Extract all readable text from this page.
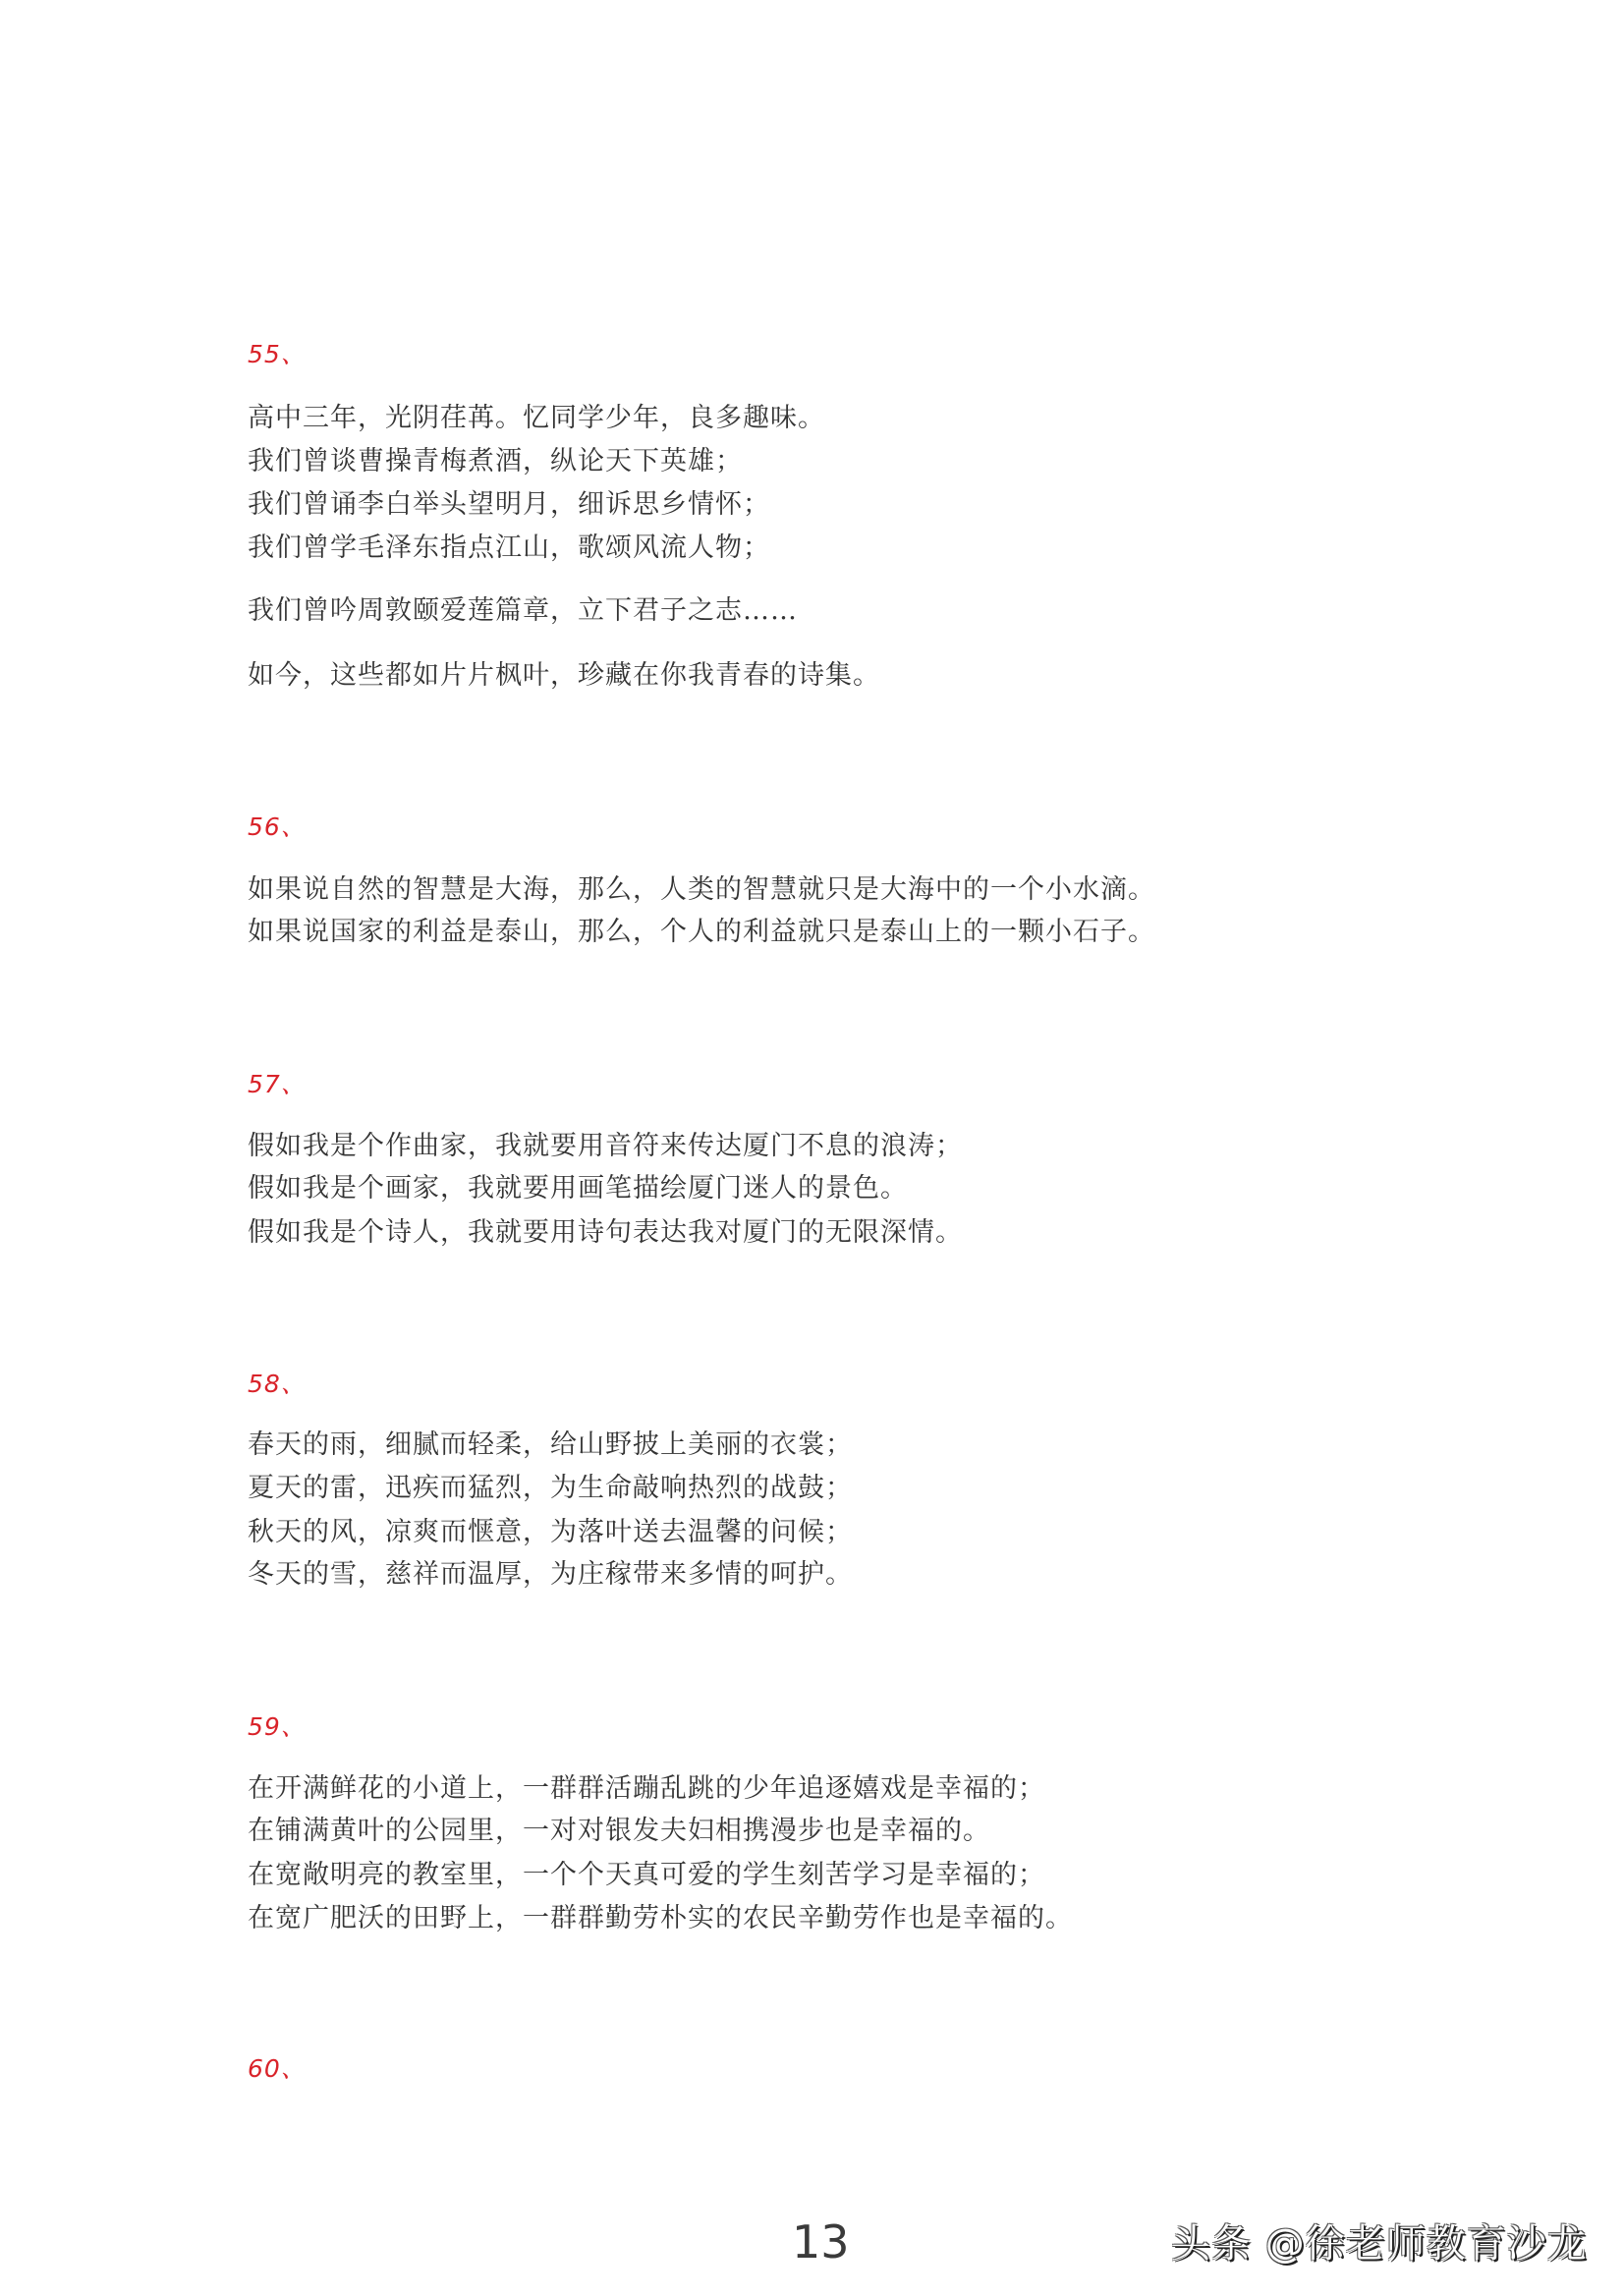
55、
高中三年，光阴荏苒。忆同学少年，良多趣味。
我们曾谈曹操青梅煮酒，纵论天下英雄；
我们曾诵李白举头望明月，细诉思乡情怀；
我们曾学毛泽东指点江山，歌颂风流人物；
我们曾吟周敦颐爱莲篇章，立下君子之志……
如今，这些都如片片枫叶，珍藏在你我青春的诗集。
56、
如果说自然的智慧是大海，那么，人类的智慧就只是大海中的一个小水滴。
如果说国家的利益是泰山，那么，个人的利益就只是泰山上的一颗小石子。
57、
假如我是个作曲家，我就要用音符来传达厦门不息的浪涛；
假如我是个画家，我就要用画笔描绘厦门迷人的景色。
假如我是个诗人，我就要用诗句表达我对厦门的无限深情。
58、
春天的雨，细腻而轻柔，给山野披上美丽的衣裳；
夏天的雷，迅疾而猛烈，为生命敲响热烈的战鼓；
秋天的风，凉爽而惬意，为落叶送去温馨的问候；
冬天的雪，慈祥而温厚，为庄稼带来多情的呵护。
59、
在开满鲜花的小道上，一群群活蹦乱跳的少年追逐嬉戏是幸福的；
在铺满黄叶的公园里，一对对银发夫妇相携漫步也是幸福的。
在宽敞明亮的教室里，一个个天真可爱的学生刻苦学习是幸福的；
在宽广肥沃的田野上，一群群勤劳朴实的农民辛勤劳作也是幸福的。
60、
13	头条 @徐老师教育沙龙
